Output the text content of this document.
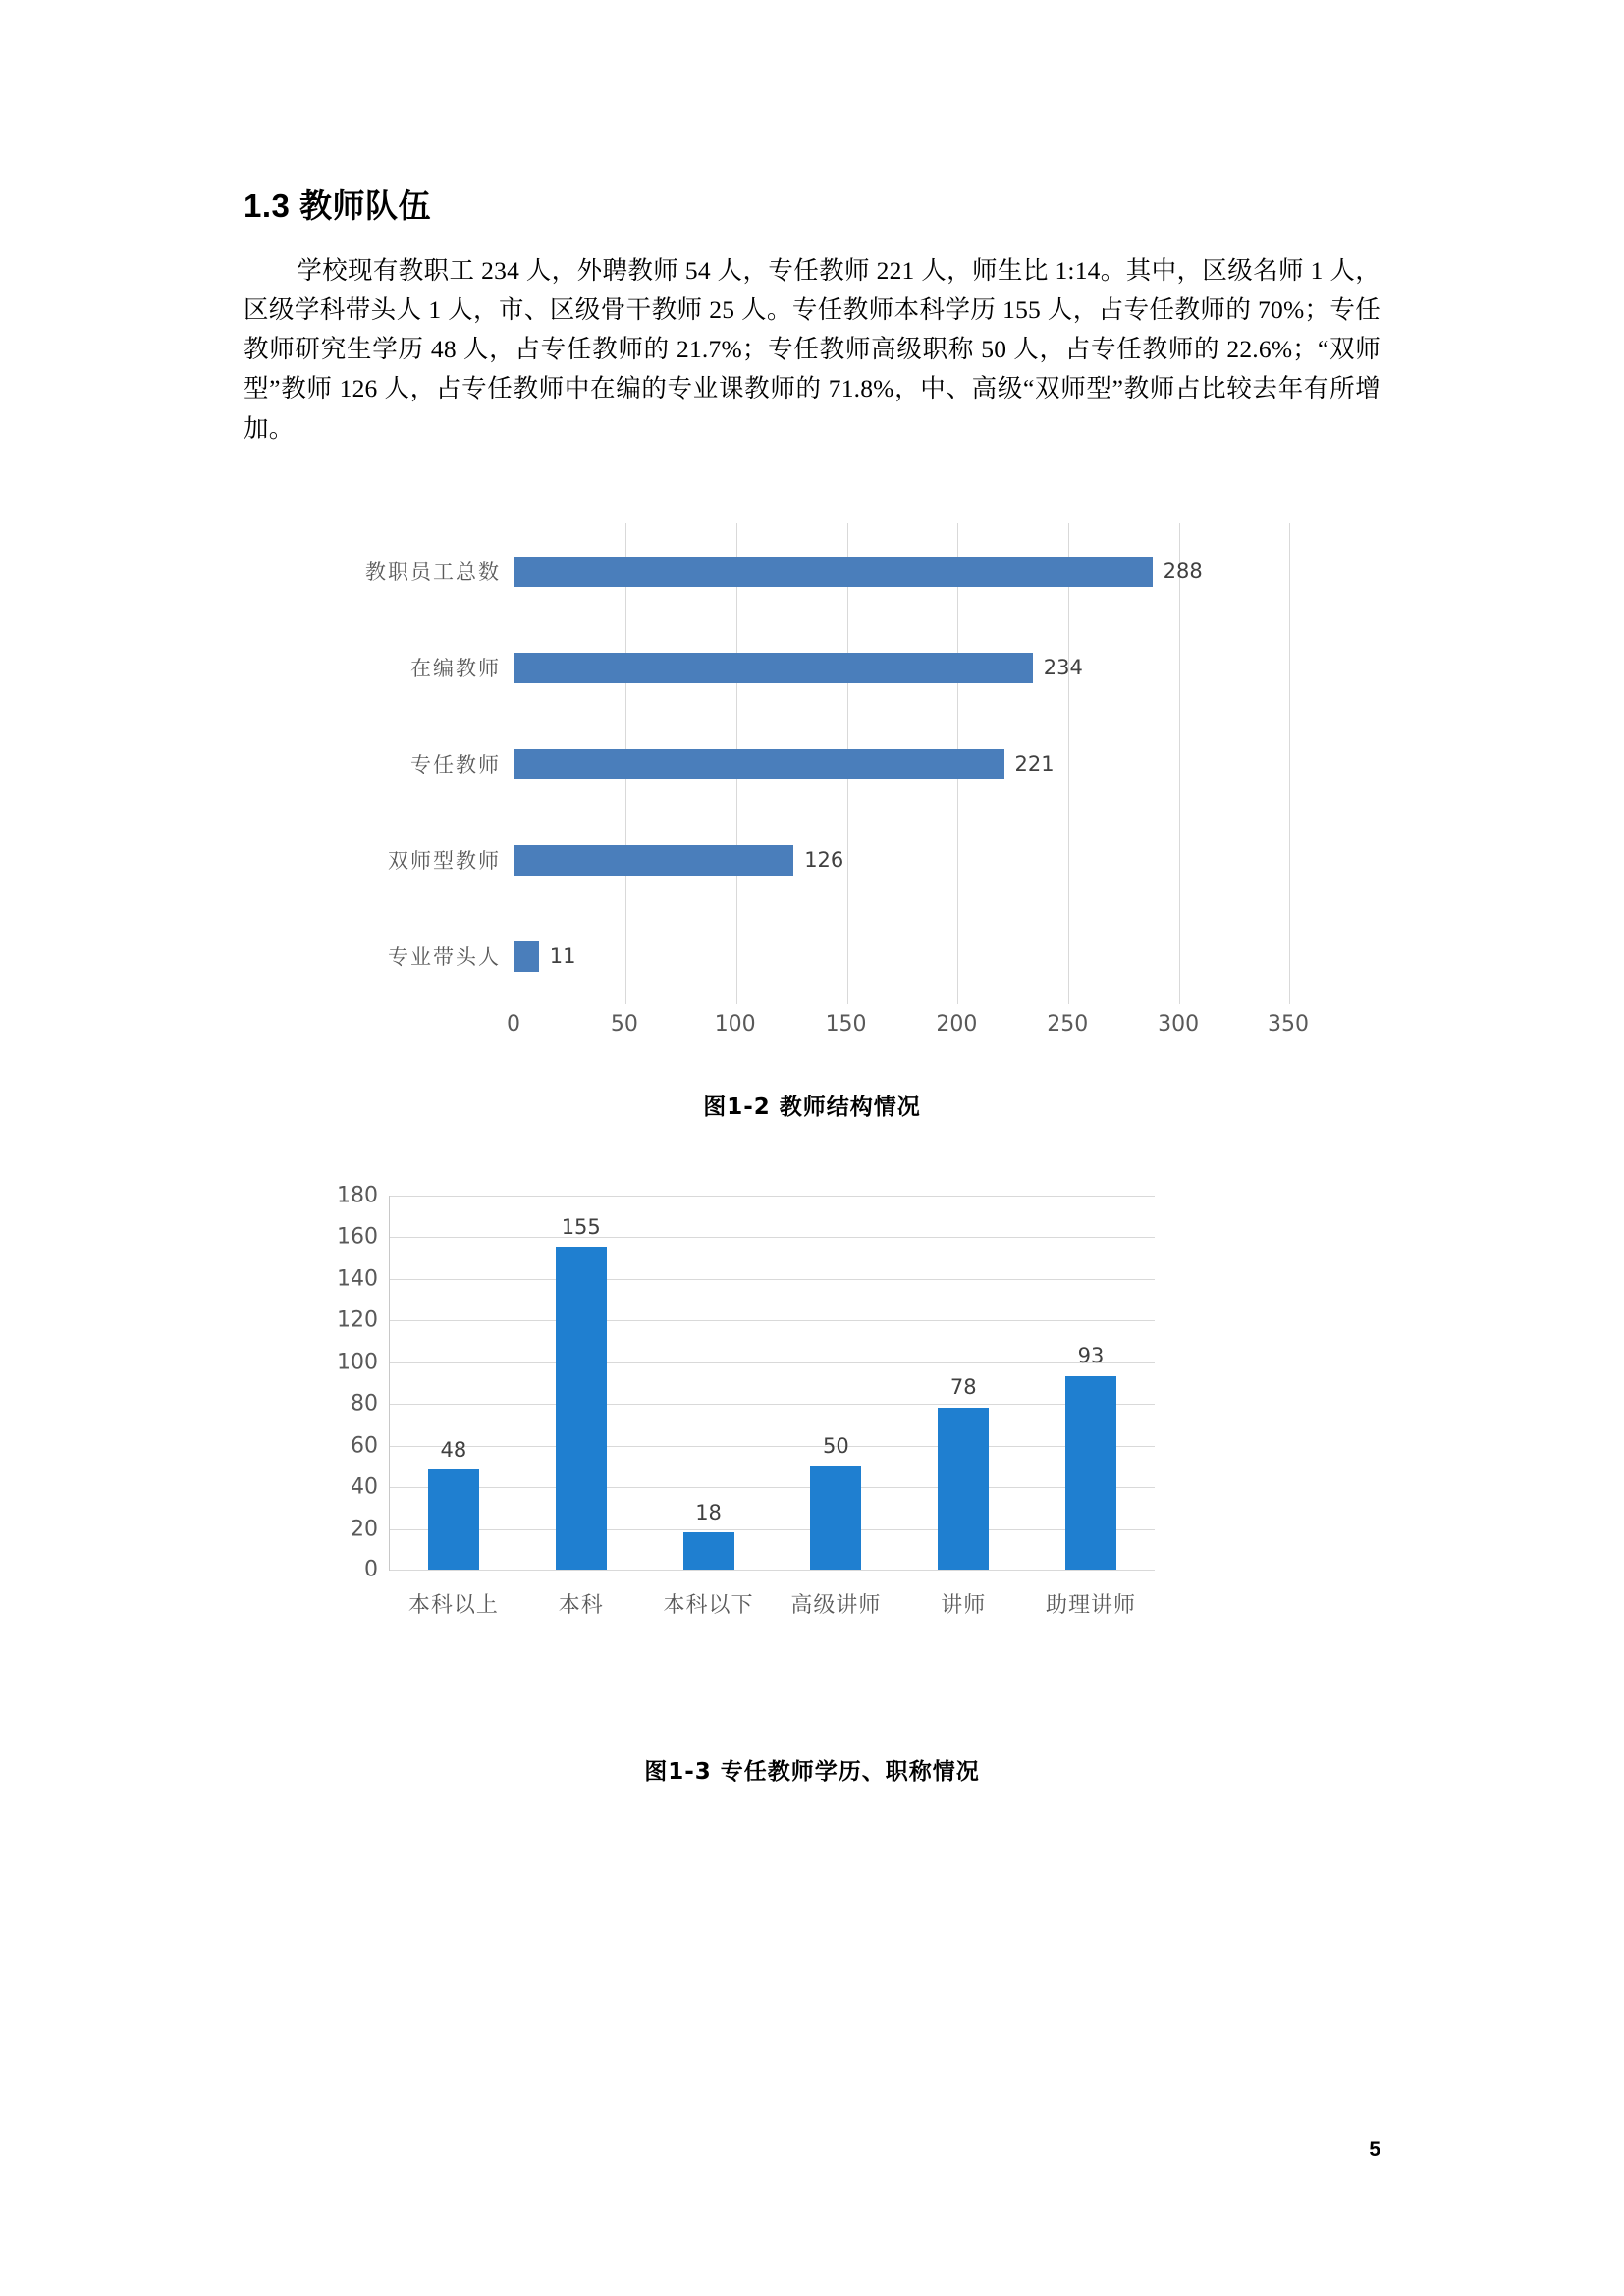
1.3 教师队伍

学校现有教职工 234 人，外聘教师 54 人，专任教师 221 人，师生比 1:14。其中，区级名师 1 人，区级学科带头人 1 人，市、区级骨干教师 25 人。专任教师本科学历 155 人，占专任教师的 70%；专任教师研究生学历 48 人，占专任教师的 21.7%；专任教师高级职称 50 人，占专任教师的 22.6%；“双师型”教师 126 人，占专任教师中在编的专业课教师的 71.8%，中、高级“双师型”教师占比较去年有所增加。

教职员工总数	288
在编教师	234
专任教师	221
双师型教师	126
专业带头人 11
0	50	100	150	200	250	300	350
图1-2 教师结构情况
180
160
140
120
100
80
60
40
20
0
48
本科以上
155
本科
18
本科以下
50
高级讲师
78
讲师
93
助理讲师
图1-3 专任教师学历、职称情况
5
